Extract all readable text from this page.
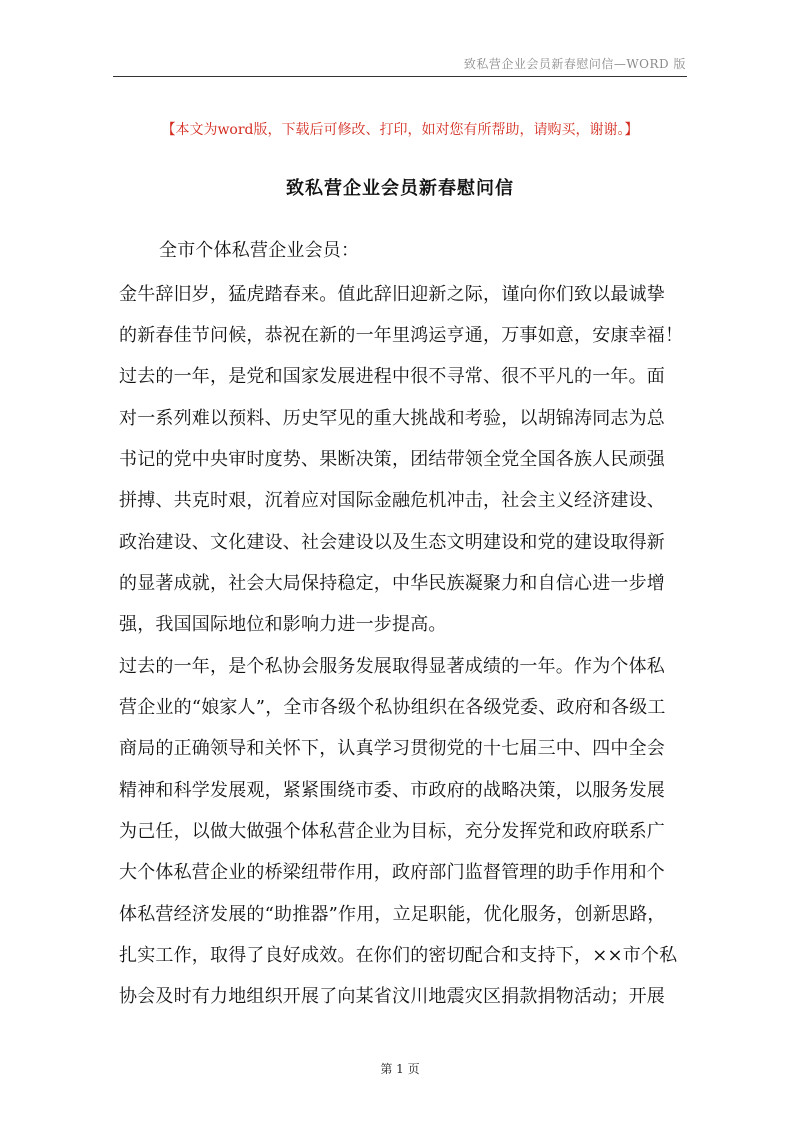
致私营企业会员新春慰问信—WORD 版
【本文为word版，下载后可修改、打印，如对您有所帮助，请购买，谢谢。】
致私营企业会员新春慰问信
全市个体私营企业会员：
金牛辞旧岁，猛虎踏春来。值此辞旧迎新之际，谨向你们致以最诚挚
的新春佳节问候，恭祝在新的一年里鸿运亨通，万事如意，安康幸福！
过去的一年，是党和国家发展进程中很不寻常、很不平凡的一年。面
对一系列难以预料、历史罕见的重大挑战和考验，以胡锦涛同志为总
书记的党中央审时度势、果断决策，团结带领全党全国各族人民顽强
拼搏、共克时艰，沉着应对国际金融危机冲击，社会主义经济建设、
政治建设、文化建设、社会建设以及生态文明建设和党的建设取得新
的显著成就，社会大局保持稳定，中华民族凝聚力和自信心进一步增
强，我国国际地位和影响力进一步提高。
过去的一年，是个私协会服务发展取得显著成绩的一年。作为个体私
营企业的“娘家人”，全市各级个私协组织在各级党委、政府和各级工
商局的正确领导和关怀下，认真学习贯彻党的十七届三中、四中全会
精神和科学发展观，紧紧围绕市委、市政府的战略决策，以服务发展
为己任，以做大做强个体私营企业为目标，充分发挥党和政府联系广
大个体私营企业的桥梁纽带作用，政府部门监督管理的助手作用和个
体私营经济发展的“助推器”作用，立足职能，优化服务，创新思路，
扎实工作，取得了良好成效。在你们的密切配合和支持下，××市个私
协会及时有力地组织开展了向某省汶川地震灾区捐款捐物活动；开展
第 1 页
